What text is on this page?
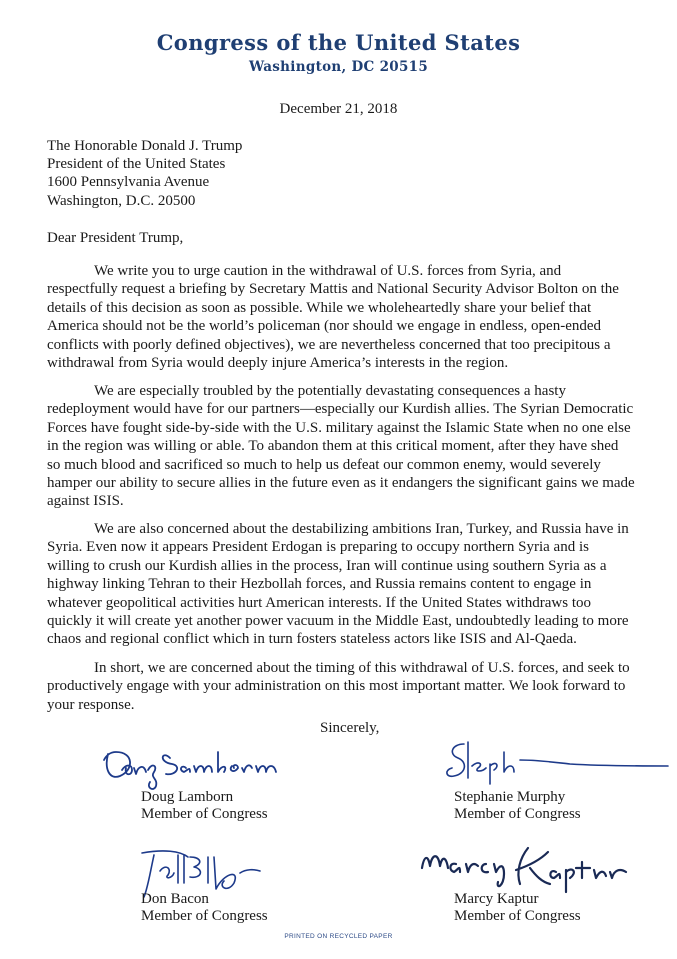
Congress of the United States
Washington, DC 20515
December 21, 2018
The Honorable Donald J. Trump
President of the United States
1600 Pennsylvania Avenue
Washington, D.C. 20500
Dear President Trump,
We write you to urge caution in the withdrawal of U.S. forces from Syria, and respectfully request a briefing by Secretary Mattis and National Security Advisor Bolton on the details of this decision as soon as possible. While we wholeheartedly share your belief that America should not be the world’s policeman (nor should we engage in endless, open-ended conflicts with poorly defined objectives), we are nevertheless concerned that too precipitous a withdrawal from Syria would deeply injure America’s interests in the region.
We are especially troubled by the potentially devastating consequences a hasty redeployment would have for our partners—especially our Kurdish allies. The Syrian Democratic Forces have fought side-by-side with the U.S. military against the Islamic State when no one else in the region was willing or able. To abandon them at this critical moment, after they have shed so much blood and sacrificed so much to help us defeat our common enemy, would severely hamper our ability to secure allies in the future even as it endangers the significant gains we made against ISIS.
We are also concerned about the destabilizing ambitions Iran, Turkey, and Russia have in Syria. Even now it appears President Erdogan is preparing to occupy northern Syria and is willing to crush our Kurdish allies in the process, Iran will continue using southern Syria as a highway linking Tehran to their Hezbollah forces, and Russia remains content to engage in whatever geopolitical activities hurt American interests. If the United States withdraws too quickly it will create yet another power vacuum in the Middle East, undoubtedly leading to more chaos and regional conflict which in turn fosters stateless actors like ISIS and Al-Qaeda.
In short, we are concerned about the timing of this withdrawal of U.S. forces, and seek to productively engage with your administration on this most important matter. We look forward to your response.
Sincerely,
Doug Lamborn
Member of Congress
Stephanie Murphy
Member of Congress
Don Bacon
Member of Congress
Marcy Kaptur
Member of Congress
PRINTED ON RECYCLED PAPER
